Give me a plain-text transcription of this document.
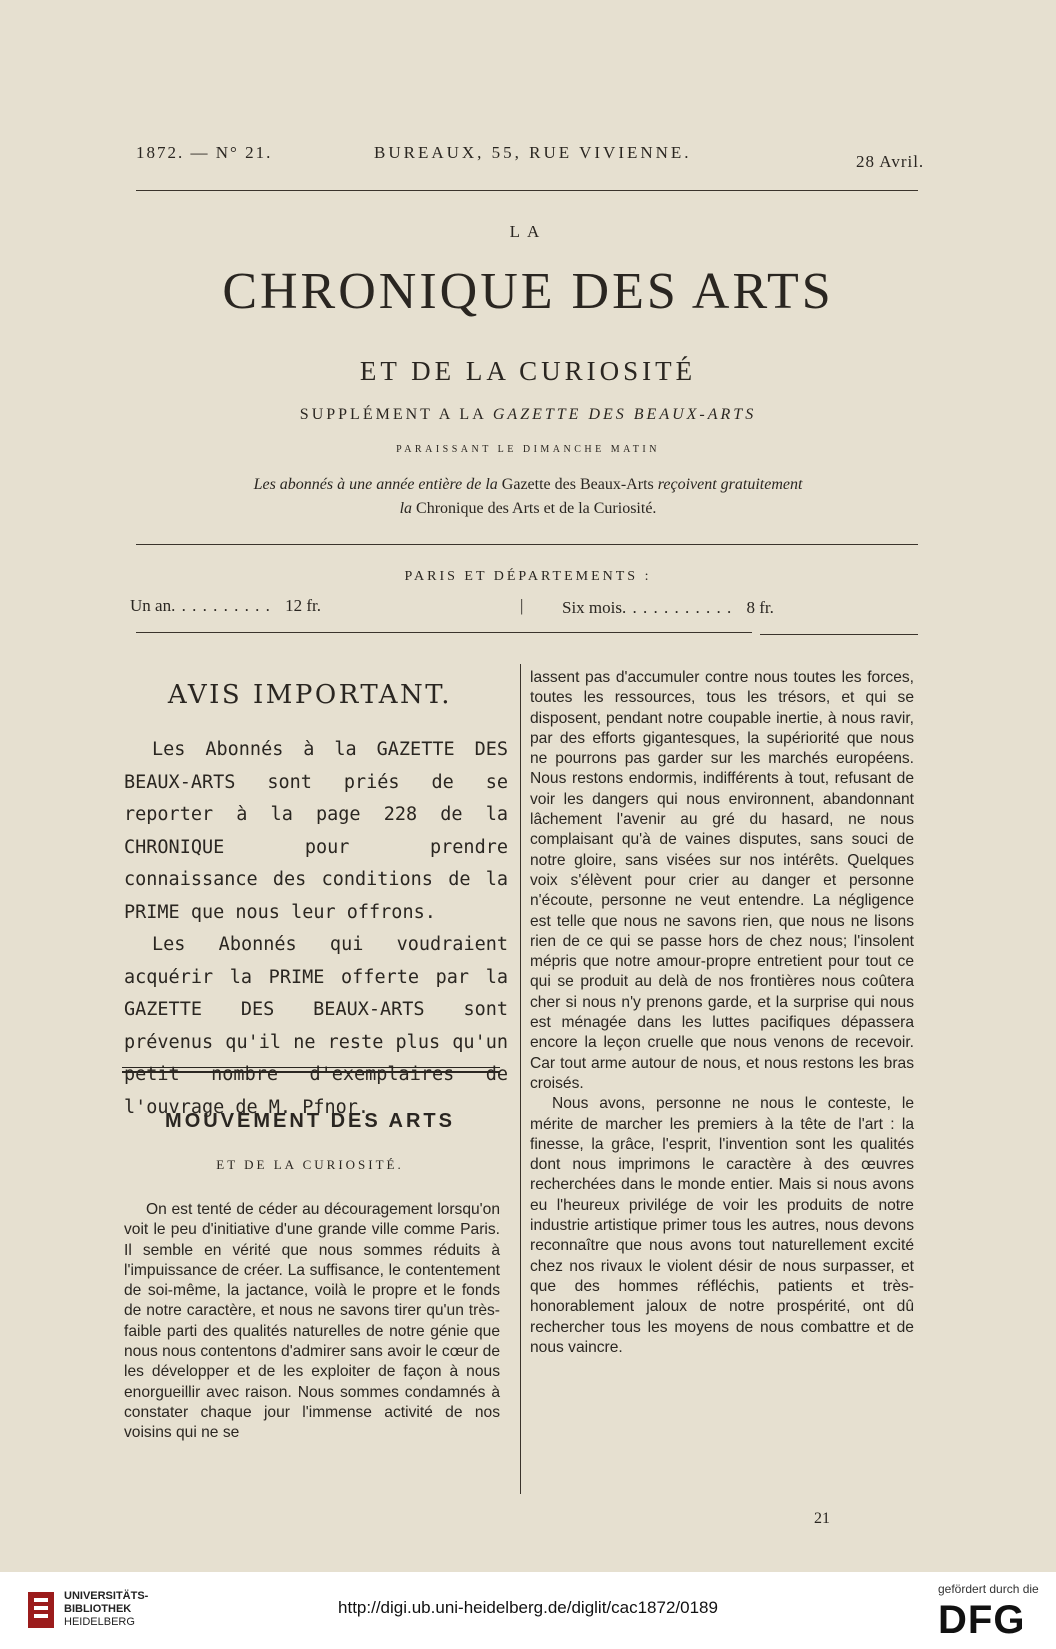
1872. — N° 21.	BUREAUX, 55, RUE VIVIENNE.	28 Avril.
LA
CHRONIQUE DES ARTS
ET DE LA CURIOSITÉ
SUPPLÉMENT A LA GAZETTE DES BEAUX-ARTS
PARAISSANT LE DIMANCHE MATIN
Les abonnés à une année entière de la Gazette des Beaux-Arts reçoivent gratuitement
la Chronique des Arts et de la Curiosité.
PARIS ET DÉPARTEMENTS :
Un an. . . . . . . . . . 12 fr.	| Six mois. . . . . . . . . . . 8 fr.
AVIS IMPORTANT.

Les Abonnés à la GAZETTE DES BEAUX-ARTS sont priés de se reporter à la page 228 de la CHRONIQUE pour prendre connaissance des conditions de la PRIME que nous leur offrons.

Les Abonnés qui voudraient acquérir la PRIME offerte par la GAZETTE DES BEAUX-ARTS sont prévenus qu'il ne reste plus qu'un petit nombre d'exemplaires de l'ouvrage de M. Pfnor.

MOUVEMENT DES ARTS
ET DE LA CURIOSITÉ.

On est tenté de céder au découragement lorsqu'on voit le peu d'initiative d'une grande ville comme Paris. Il semble en vérité que nous sommes réduits à l'impuissance de créer. La suffisance, le contentement de soi-même, la jactance, voilà le propre et le fonds de notre caractère, et nous ne savons tirer qu'un très-faible parti des qualités naturelles de notre génie que nous nous contentons d'admirer sans avoir le cœur de les développer et de les exploiter de façon à nous enorgueillir avec raison. Nous sommes condamnés à constater chaque jour l'immense activité de nos voisins qui ne se

lassent pas d'accumuler contre nous toutes les forces, toutes les ressources, tous les trésors, et qui se disposent, pendant notre coupable inertie, à nous ravir, par des efforts gigantesques, la supériorité que nous ne pourrons pas garder sur les marchés européens. Nous restons endormis, indifférents à tout, refusant de voir les dangers qui nous environnent, abandonnant lâchement l'avenir au gré du hasard, ne nous complaisant qu'à de vaines disputes, sans souci de notre gloire, sans visées sur nos intérêts. Quelques voix s'élèvent pour crier au danger et personne n'écoute, personne ne veut entendre. La négligence est telle que nous ne savons rien, que nous ne lisons rien de ce qui se passe hors de chez nous; l'insolent mépris que notre amour-propre entretient pour tout ce qui se produit au delà de nos frontières nous coûtera cher si nous n'y prenons garde, et la surprise qui nous est ménagée dans les luttes pacifiques dépassera encore la leçon cruelle que nous venons de recevoir. Car tout arme autour de nous, et nous restons les bras croisés.

Nous avons, personne ne nous le conteste, le mérite de marcher les premiers à la tête de l'art : la finesse, la grâce, l'esprit, l'invention sont les qualités dont nous imprimons le caractère à des œuvres recherchées dans le monde entier. Mais si nous avons eu l'heureux privilége de voir les produits de notre industrie artistique primer tous les autres, nous devons reconnaître que nous avons tout naturellement excité chez nos rivaux le violent désir de nous surpasser, et que des hommes réfléchis, patients et très-honorablement jaloux de notre prospérité, ont dû rechercher tous les moyens de nous combattre et de nous vaincre.

21
UNIVERSITÄTS-
BIBLIOTHEK
HEIDELBERG
http://digi.ub.uni-heidelberg.de/diglit/cac1872/0189
gefördert durch die
DFG
